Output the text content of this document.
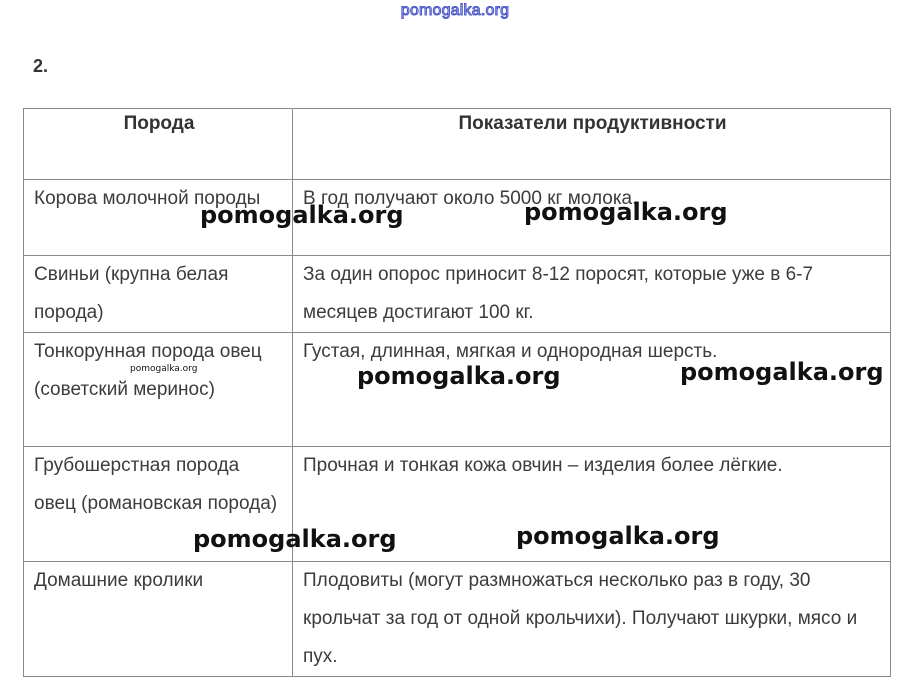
pomogalka.org
2.
Порода	Показатели продуктивности
Корова молочной породы	В год получают около 5000 кг молока.
Свиньи (крупна белая порода)	За один опорос приносит 8-12 поросят, которые уже в 6-7 месяцев достигают 100 кг.
Тонкорунная порода овец (советский меринос)	Густая, длинная, мягкая и однородная шерсть.
Грубошерстная порода овец (романовская порода)	Прочная и тонкая кожа овчин – изделия более лёгкие.
Домашние кролики	Плодовиты (могут размножаться несколько раз в году, 30 крольчат за год от одной крольчихи). Получают шкурки, мясо и пух.
pomogalka.org	pomogalka.org
pomogalka.org	pomogalka.org	pomogalka.org
pomogalka.org	pomogalka.org
